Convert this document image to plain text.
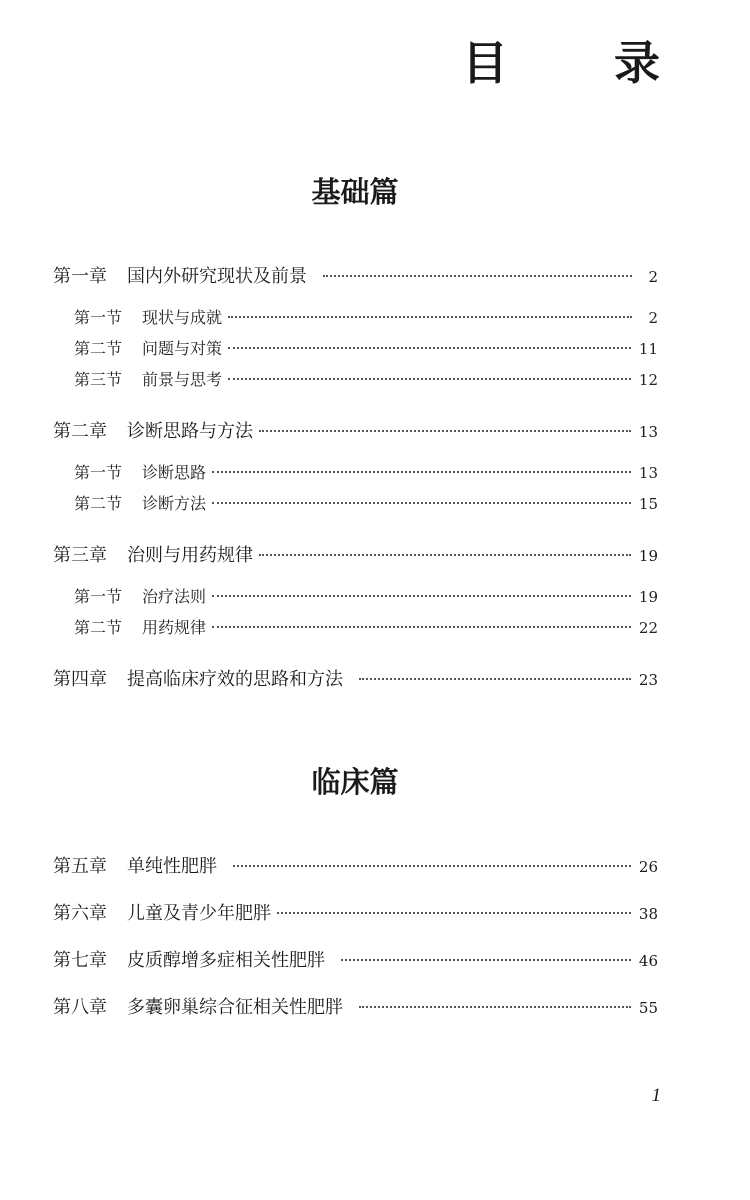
目　录
基础篇
第一章	国内外研究现状及前景	2
第一节	现状与成就	2
第二节	问题与对策	11
第三节	前景与思考	12
第二章	诊断思路与方法	13
第一节	诊断思路	13
第二节	诊断方法	15
第三章	治则与用药规律	19
第一节	治疗法则	19
第二节	用药规律	22
第四章	提高临床疗效的思路和方法	23
临床篇
第五章	单纯性肥胖	26
第六章	儿童及青少年肥胖	38
第七章	皮质醇增多症相关性肥胖	46
第八章	多囊卵巢综合征相关性肥胖	55
1
